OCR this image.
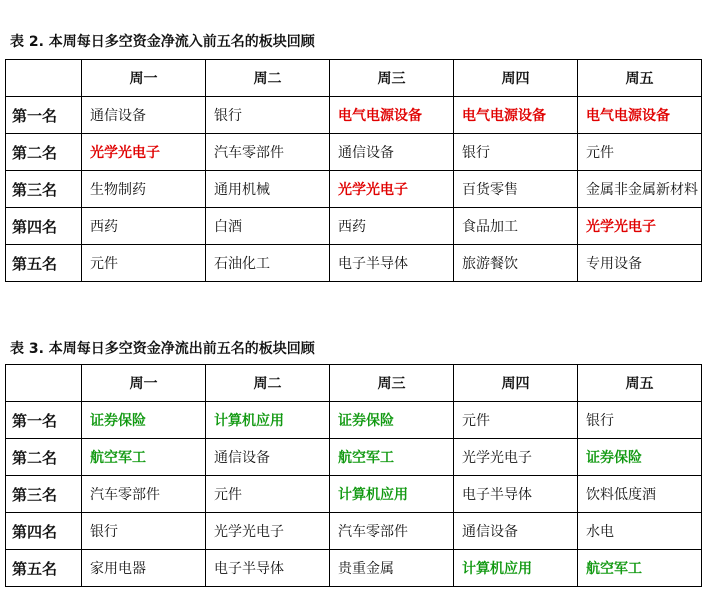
表 2. 本周每日多空资金净流入前五名的板块回顾
	周一	周二	周三	周四	周五
第一名	通信设备	银行	电气电源设备	电气电源设备	电气电源设备
第二名	光学光电子	汽车零部件	通信设备	银行	元件
第三名	生物制药	通用机械	光学光电子	百货零售	金属非金属新材料
第四名	西药	白酒	西药	食品加工	光学光电子
第五名	元件	石油化工	电子半导体	旅游餐饮	专用设备
表 3. 本周每日多空资金净流出前五名的板块回顾
	周一	周二	周三	周四	周五
第一名	证券保险	计算机应用	证券保险	元件	银行
第二名	航空军工	通信设备	航空军工	光学光电子	证券保险
第三名	汽车零部件	元件	计算机应用	电子半导体	饮料低度酒
第四名	银行	光学光电子	汽车零部件	通信设备	水电
第五名	家用电器	电子半导体	贵重金属	计算机应用	航空军工
